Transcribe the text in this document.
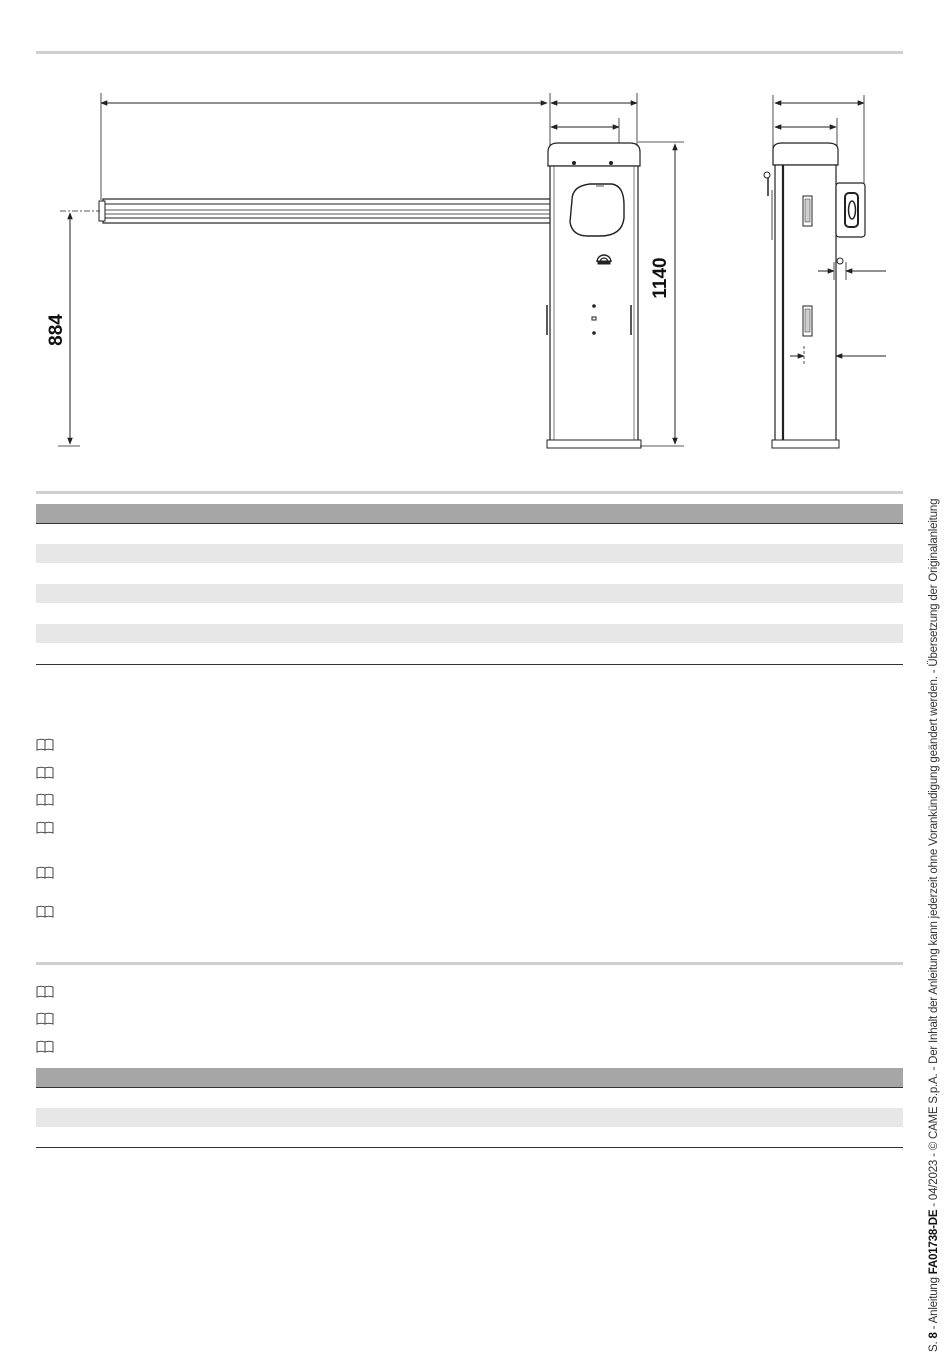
1140
884
S. 8 - Anleitung FA01738-DE - 04/2023 - © CAME S.p.A. - Der Inhalt der Anleitung kann jederzeit ohne Vorankündigung geändert werden. - Übersetzung der Originalanleitung
